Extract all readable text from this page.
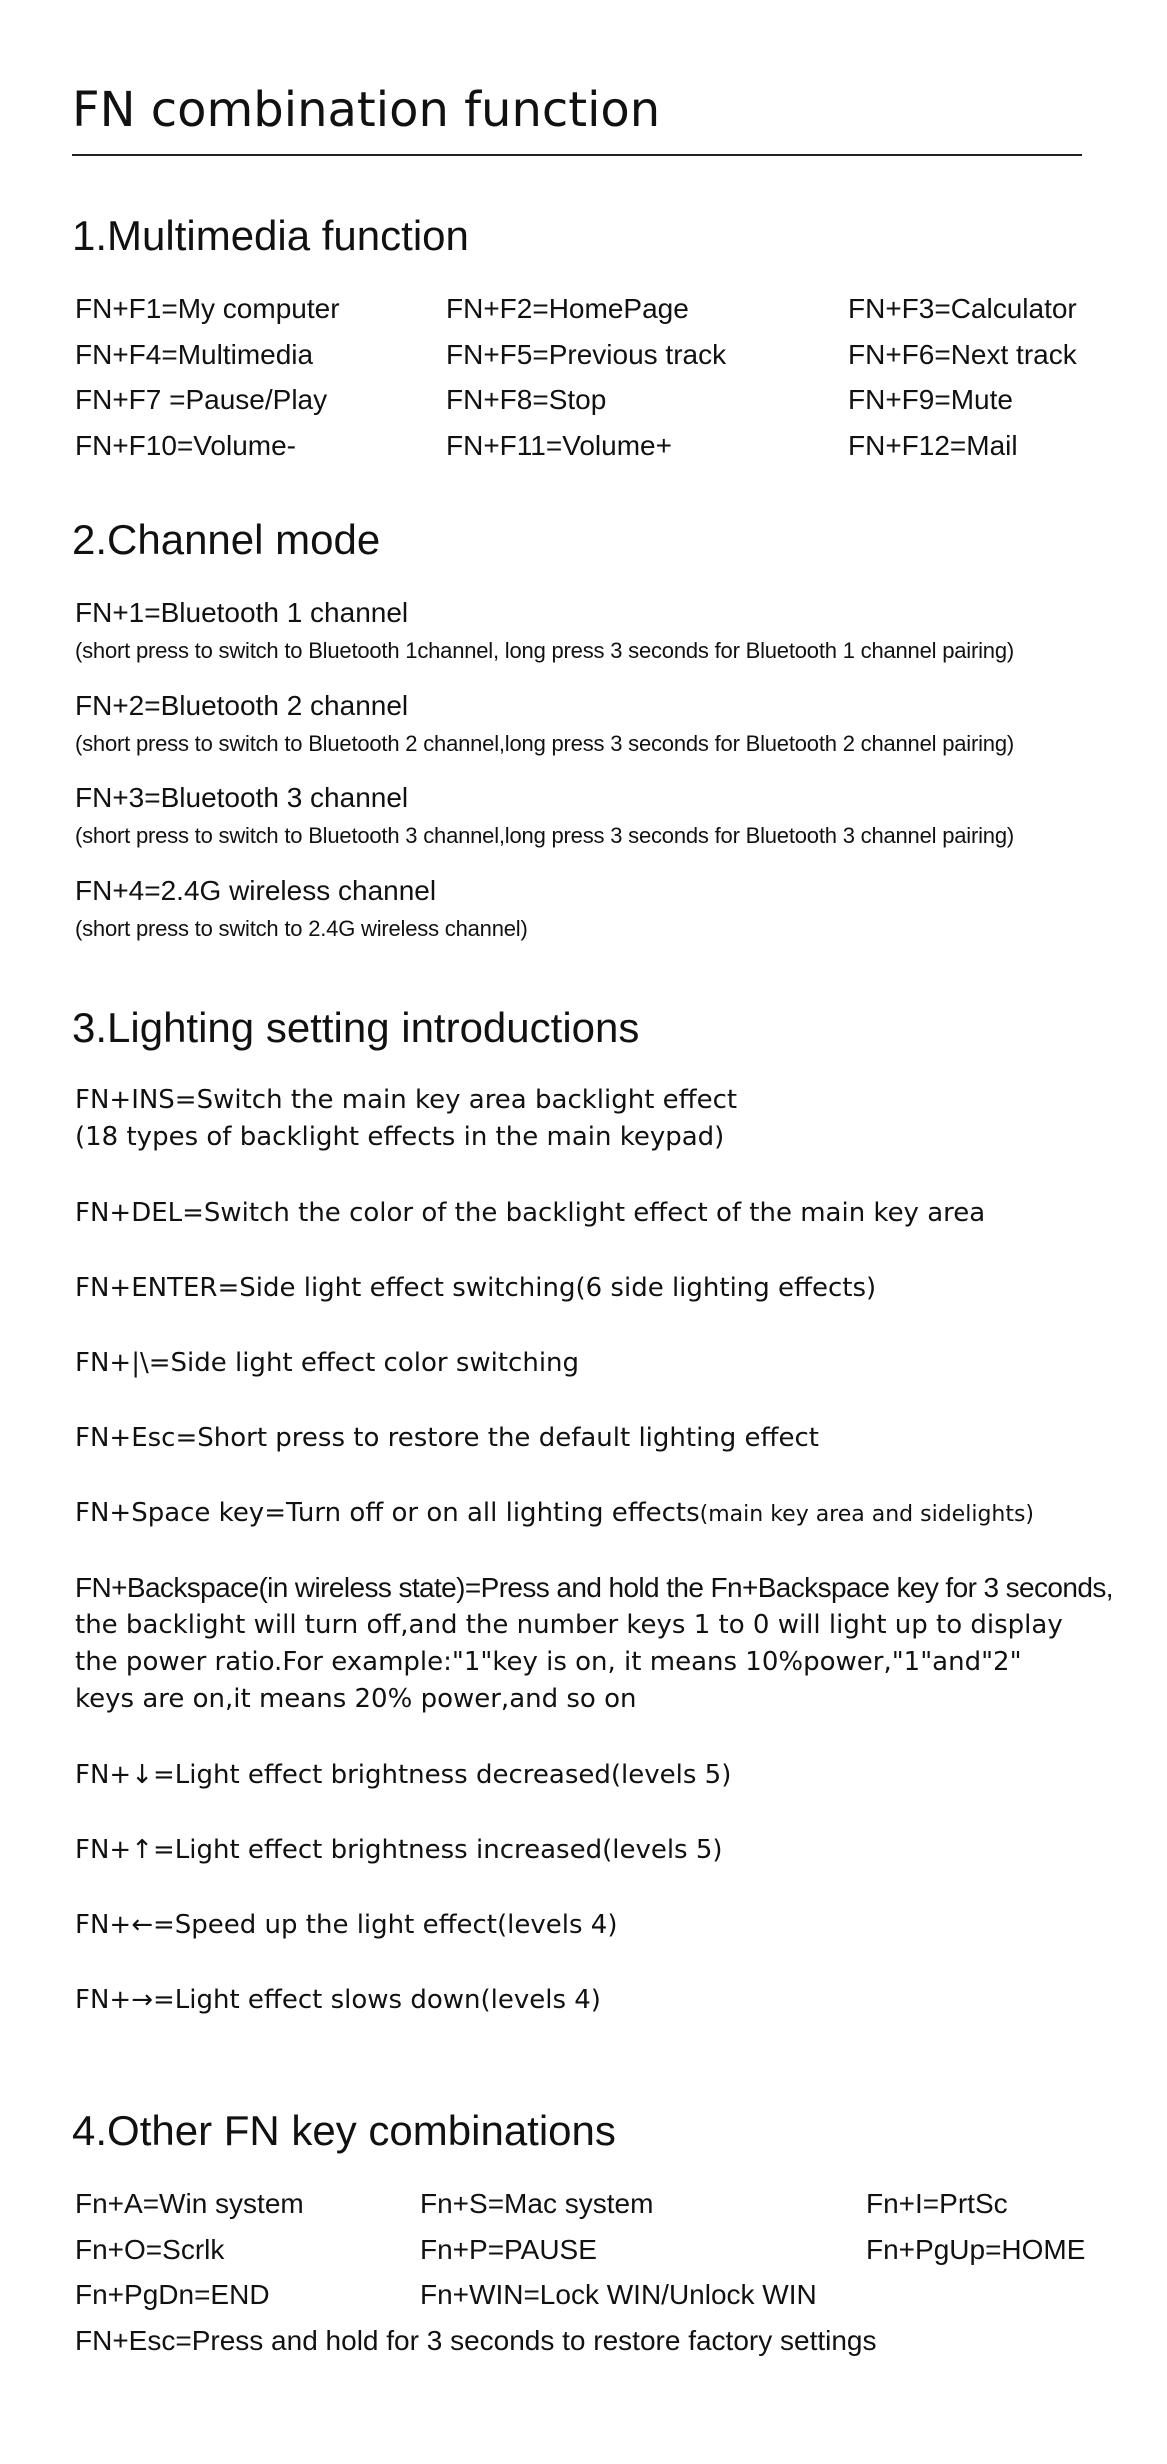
FN combination function
1.Multimedia function
FN+F1=My computer	FN+F2=HomePage	FN+F3=Calculator
FN+F4=Multimedia	FN+F5=Previous track	FN+F6=Next track
FN+F7 =Pause/Play	FN+F8=Stop	FN+F9=Mute
FN+F10=Volume-	FN+F11=Volume+	FN+F12=Mail
2.Channel mode
FN+1=Bluetooth 1 channel
(short press to switch to Bluetooth 1channel, long press 3 seconds for Bluetooth 1 channel pairing)
FN+2=Bluetooth 2 channel
(short press to switch to Bluetooth 2 channel,long press 3 seconds for Bluetooth 2 channel pairing)
FN+3=Bluetooth 3 channel
(short press to switch to Bluetooth 3 channel,long press 3 seconds for Bluetooth 3 channel pairing)
FN+4=2.4G wireless channel
(short press to switch to 2.4G wireless channel)
3.Lighting setting introductions
FN+INS=Switch the main key area backlight effect
(18 types of backlight effects in the main keypad)
FN+DEL=Switch the color of the backlight effect of the main key area
FN+ENTER=Side light effect switching(6 side lighting effects)
FN+|\=Side light effect color switching
FN+Esc=Short press to restore the default lighting effect
FN+Space key=Turn off or on all lighting effects(main key area and sidelights)
FN+Backspace(in wireless state)=Press and hold the Fn+Backspace key for 3 seconds,
the backlight will turn off,and the number keys 1 to 0 will light up to display
the power ratio.For example:"1"key is on, it means 10%power,"1"and"2"
keys are on,it means 20% power,and so on
FN+↓=Light effect brightness decreased(levels 5)
FN+↑=Light effect brightness increased(levels 5)
FN+←=Speed up the light effect(levels 4)
FN+→=Light effect slows down(levels 4)
4.Other FN key combinations
Fn+A=Win system	Fn+S=Mac system	Fn+I=PrtSc
Fn+O=Scrlk	Fn+P=PAUSE	Fn+PgUp=HOME
Fn+PgDn=END	Fn+WIN=Lock WIN/Unlock WIN
FN+Esc=Press and hold for 3 seconds to restore factory settings
